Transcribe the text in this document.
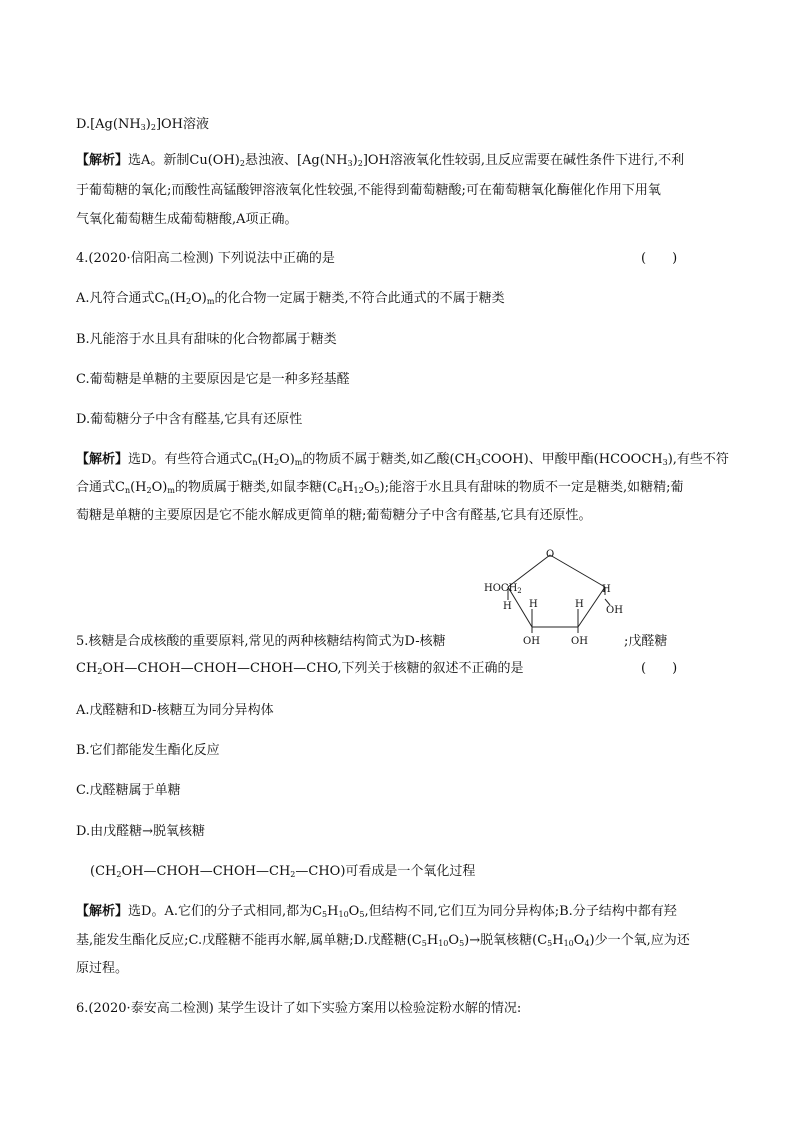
$D.[Ag(NH_3)_2]OH$溶液
【解析】选A。新制$Cu(OH)_2$悬浊液、$[Ag(NH_3)_2]OH$溶液氧化性较弱,且反应需要在碱性条件下进行,不利
于葡萄糖的氧化;而酸性高锰酸钾溶液氧化性较强,不能得到葡萄糖酸;可在葡萄糖氧化酶催化作用下用氧
气氧化葡萄糖生成葡萄糖酸,A项正确。
4.(2020·信阳高二检测) 下列说法中正确的是
A.凡符合通式$C_n(H_2O)_m$的化合物一定属于糖类,不符合此通式的不属于糖类
B.凡能溶于水且具有甜味的化合物都属于糖类
C.葡萄糖是单糖的主要原因是它是一种多羟基醛
D.葡萄糖分子中含有醛基,它具有还原性
【解析】选D。有些符合通式$C_n(H_2O)_m$的物质不属于糖类,如乙酸$(CH_3COOH)$、甲酸甲酯$(HCOOCH_3)$,有些不符
合通式$C_n(H_2O)_m$的物质属于糖类,如鼠李糖$(C_6H_{12}O_5)$;能溶于水且具有甜味的物质不一定是糖类,如糖精;葡
萄糖是单糖的主要原因是它不能水解成更简单的糖;葡萄糖分子中含有醛基,它具有还原性。
5.核糖是合成核酸的重要原料,常见的两种核糖结构简式为D-核糖
$CH_2OH—CHOH—CHOH—CHOH—CHO$,下列关于核糖的叙述不正确的是
A.戊醛糖和D-核糖互为同分异构体
B.它们都能发生酯化反应
C.戊醛糖属于单糖
D.由戊醛糖→脱氧核糖
$(CH_2OH—CHOH—CHOH—CH_2—CHO)$可看成是一个氧化过程
【解析】选D。A.它们的分子式相同,都为$C_5H_{10}O_5$,但结构不同,它们互为同分异构体;B.分子结构中都有羟
基,能发生酯化反应;C.戊醛糖不能再水解,属单糖;D.戊醛糖$(C_5H_{10}O_5)\to$脱氧核糖$(C_5H_{10}O_4)$少一个氧,应为还
原过程。
6.(2020·泰安高二检测) 某学生设计了如下实验方案用以检验淀粉水解的情况:
(　　)
(　　)
;戊醛糖
O
$HOCH_2$	H
OH
H H	H
OH	OH
